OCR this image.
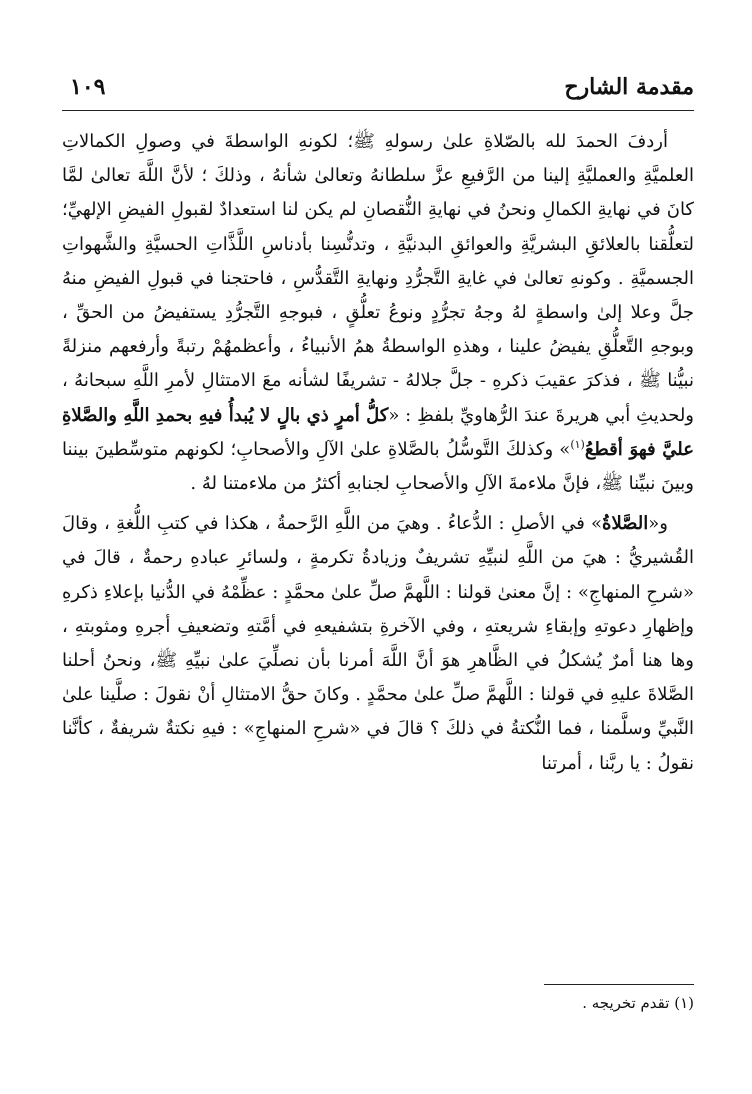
مقدمة الشارح
١٠٩

أردفَ الحمدَ لله بالصّلاةِ علىٰ رسولهِ ﷺ؛ لكونهِ الواسطةَ في وصولِ الكمالاتِ العلميَّةِ والعمليَّةِ إلينا من الرَّفيعِ عزَّ سلطانهُ وتعالىٰ شأنهُ ، وذلكَ ؛ لأنَّ اللَّهَ تعالىٰ لمَّا كانَ في نهايةِ الكمالِ ونحنُ في نهايةِ النُّقصانِ لم يكن لنا استعدادٌ لقبولِ الفيضِ الإلهيِّ؛ لتعلُّقنا بالعلائقِ البشريَّةِ والعوائقِ البدنيَّةِ ، وتدنُّسِنا بأدناسِ اللَّذَّاتِ الحسيَّةِ والشَّهواتِ الجسميَّةِ . وكونهِ تعالىٰ في غايةِ التَّجرُّدِ ونهايةِ التَّقدُّسِ ، فاحتجنا في قبولِ الفيضِ منهُ جلَّ وعلا إلىٰ واسطةٍ لهُ وجهُ تجرُّدٍ ونوعُ تعلُّقٍ ، فبوجهِ التَّجرُّدِ يستفيضُ من الحقِّ ، وبوجهِ التَّعلُّقِ يفيضُ علينا ، وهذهِ الواسطةُ همُ الأنبياءُ ، وأعظمهُمْ رتبةً وأرفعهم منزلةً نبيُّنا ﷺ ، فذكرَ عقيبَ ذكرهِ - جلَّ جلالهُ - تشريفًا لشأنه معَ الامتثالِ لأمرِ اللَّهِ سبحانهُ ، ولحديثِ أبي هريرةَ عندَ الرُّهاويِّ بلفظِ : «كلُّ أمرٍ ذي بالٍ لا يُبدأُ فيهِ بحمدِ اللَّهِ والصَّلاةِ عليَّ فهوَ أقطعُ$^{(١)}$» وكذلكَ التَّوسُّلُ بالصَّلاةِ علىٰ الآلِ والأصحابِ؛ لكونهم متوسِّطينَ بيننا وبينَ نبيِّنا ﷺ، فإنَّ ملاءمةَ الآلِ والأصحابِ لجنابهِ أكثرُ من ملاءمتنا لهُ .

و«الصَّلاةُ» في الأصلِ : الدُّعاءُ . وهيَ من اللَّهِ الرَّحمةُ ، هكذا في كتبِ اللُّغةِ ، وقالَ القُشيريُّ : هيَ من اللَّهِ لنبيِّهِ تشريفٌ وزيادةُ تكرمةٍ ، ولسائرِ عبادهِ رحمةٌ ، قالَ في «شرحِ المنهاجِ» : إنَّ معنىٰ قولنا : اللَّهمَّ صلِّ علىٰ محمَّدٍ : عظِّمْهُ في الدُّنيا بإعلاءِ ذكرهِ وإظهارِ دعوتهِ وإبقاءِ شريعتهِ ، وفي الآخرةِ بتشفيعهِ في أمَّتهِ وتضعيفِ أجرهِ ومثوبتهِ ، وها هنا أمرٌ يُشكلُ في الظَّاهرِ هوَ أنَّ اللَّهَ أمرنا بأن نصلِّيَ علىٰ نبيِّهِ ﷺ، ونحنُ أحلنا الصَّلاةَ عليهِ في قولنا : اللَّهمَّ صلِّ علىٰ محمَّدٍ . وكانَ حقُّ الامتثالِ أنْ نقولَ : صلَّينا علىٰ النَّبيِّ وسلَّمنا ، فما النُّكتةُ في ذلكَ ؟ قالَ في «شرحِ المنهاجِ» : فيهِ نكتةٌ شريفةٌ ، كأنَّنا نقولُ : يا ربَّنا ، أمرتنا

(١) تقدم تخريجه .
